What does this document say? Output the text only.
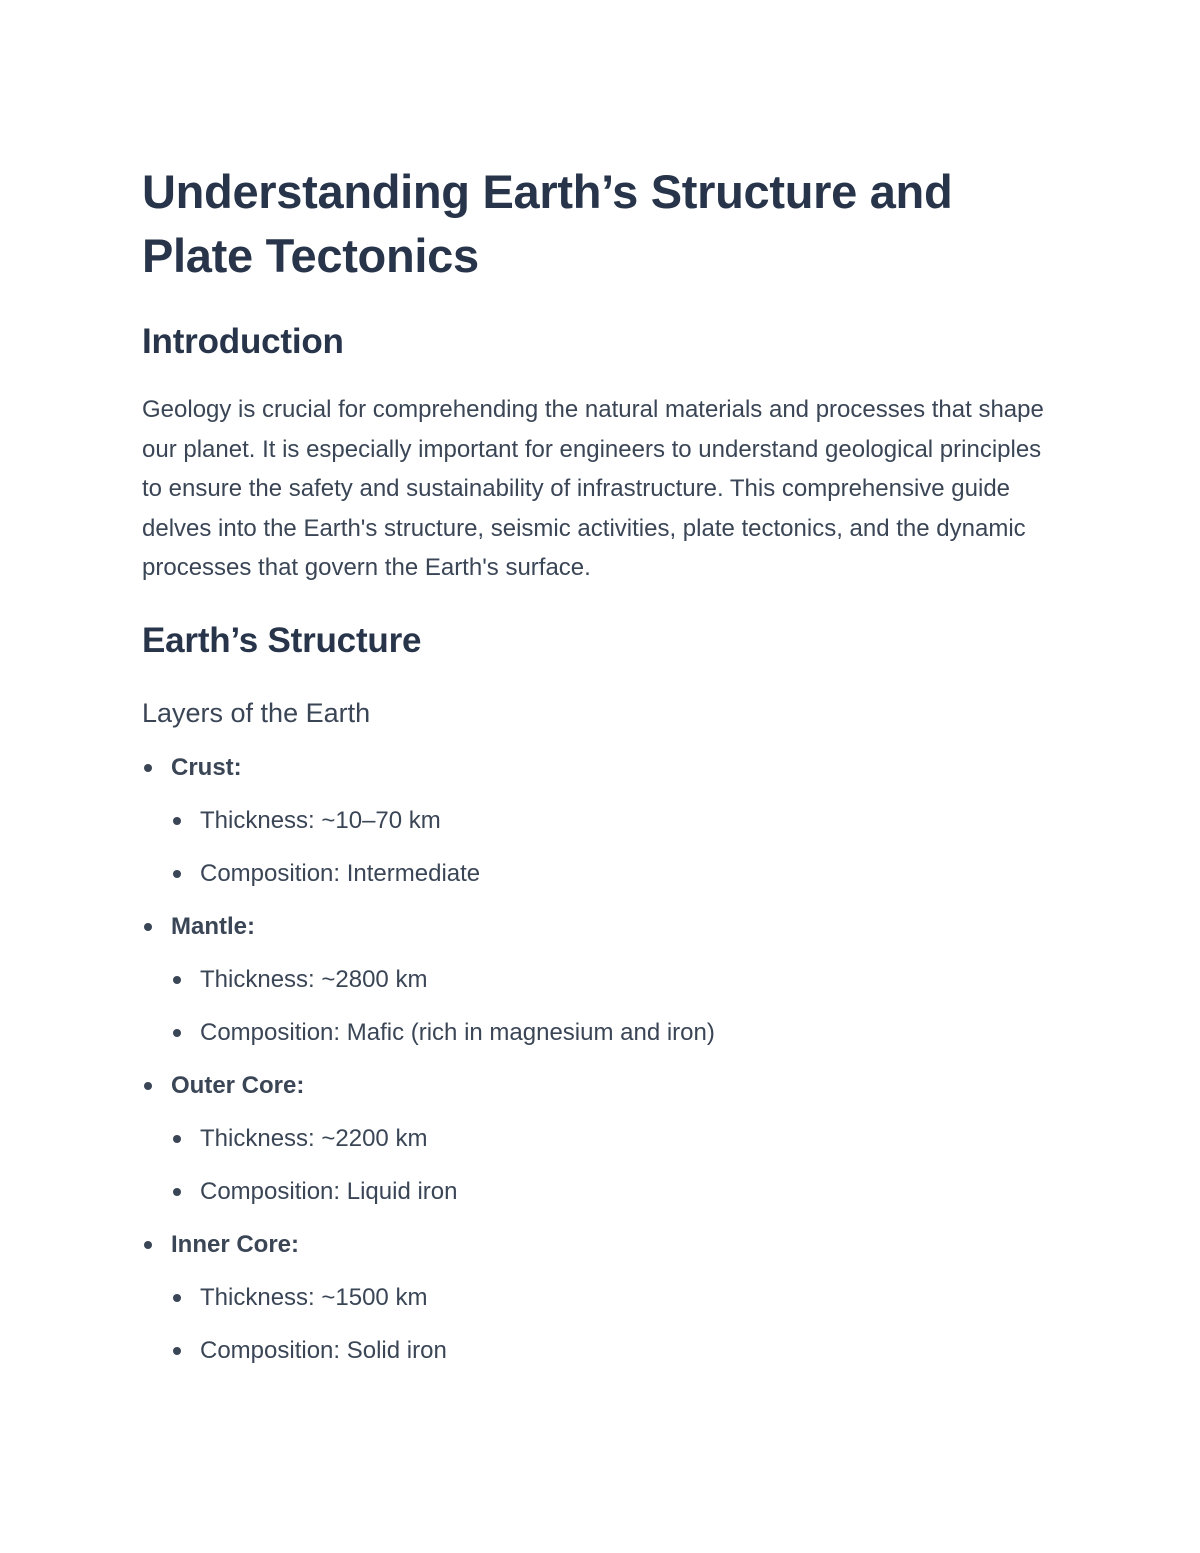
Understanding Earth’s Structure and Plate Tectonics
Introduction

Geology is crucial for comprehending the natural materials and processes that shape our planet. It is especially important for engineers to understand geological principles to ensure the safety and sustainability of infrastructure. This comprehensive guide delves into the Earth's structure, seismic activities, plate tectonics, and the dynamic processes that govern the Earth's surface.

Earth’s Structure
Layers of the Earth
Crust:
Thickness: ~10–70 km
Composition: Intermediate
Mantle:
Thickness: ~2800 km
Composition: Mafic (rich in magnesium and iron)
Outer Core:
Thickness: ~2200 km
Composition: Liquid iron
Inner Core:
Thickness: ~1500 km
Composition: Solid iron
